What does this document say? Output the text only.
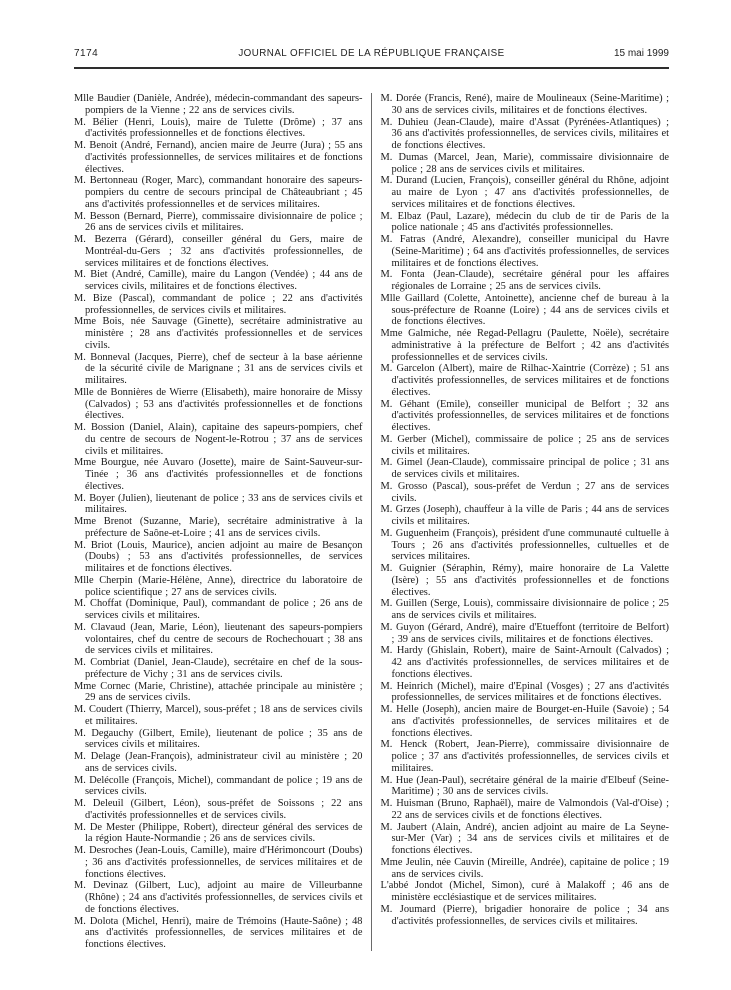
7174	JOURNAL OFFICIEL DE LA RÉPUBLIQUE FRANÇAISE	15 mai 1999

Mlle Baudier (Danièle, Andrée), médecin-commandant des sapeurs-pompiers de la Vienne ; 22 ans de services civils.

M. Bélier (Henri, Louis), maire de Tulette (Drôme) ; 37 ans d'activités professionnelles et de fonctions électives.

M. Benoit (André, Fernand), ancien maire de Jeurre (Jura) ; 55 ans d'activités professionnelles, de services militaires et de fonctions électives.

M. Bertonneau (Roger, Marc), commandant honoraire des sapeurs-pompiers du centre de secours principal de Châteaubriant ; 45 ans d'activités professionnelles et de services militaires.

M. Besson (Bernard, Pierre), commissaire divisionnaire de police ; 26 ans de services civils et militaires.

M. Bezerra (Gérard), conseiller général du Gers, maire de Montréal-du-Gers ; 32 ans d'activités professionnelles, de services militaires et de fonctions électives.

M. Biet (André, Camille), maire du Langon (Vendée) ; 44 ans de services civils, militaires et de fonctions électives.

M. Bize (Pascal), commandant de police ; 22 ans d'activités professionnelles, de services civils et militaires.

Mme Bois, née Sauvage (Ginette), secrétaire administrative au ministère ; 28 ans d'activités professionnelles et de services civils.

M. Bonneval (Jacques, Pierre), chef de secteur à la base aérienne de la sécurité civile de Marignane ; 31 ans de services civils et militaires.

Mlle de Bonnières de Wierre (Elisabeth), maire honoraire de Missy (Calvados) ; 53 ans d'activités professionnelles et de fonctions électives.

M. Bossion (Daniel, Alain), capitaine des sapeurs-pompiers, chef du centre de secours de Nogent-le-Rotrou ; 37 ans de services civils et militaires.

Mme Bourgue, née Auvaro (Josette), maire de Saint-Sauveur-sur-Tinée ; 36 ans d'activités professionnelles et de fonctions électives.

M. Boyer (Julien), lieutenant de police ; 33 ans de services civils et militaires.

Mme Brenot (Suzanne, Marie), secrétaire administrative à la préfecture de Saône-et-Loire ; 41 ans de services civils.

M. Briot (Louis, Maurice), ancien adjoint au maire de Besançon (Doubs) ; 53 ans d'activités professionnelles, de services militaires et de fonctions électives.

Mlle Cherpin (Marie-Hélène, Anne), directrice du laboratoire de police scientifique ; 27 ans de services civils.

M. Choffat (Dominique, Paul), commandant de police ; 26 ans de services civils et militaires.

M. Clavaud (Jean, Marie, Léon), lieutenant des sapeurs-pompiers volontaires, chef du centre de secours de Rochechouart ; 38 ans de services civils et militaires.

M. Combriat (Daniel, Jean-Claude), secrétaire en chef de la sous-préfecture de Vichy ; 31 ans de services civils.

Mme Cornec (Marie, Christine), attachée principale au ministère ; 29 ans de services civils.

M. Coudert (Thierry, Marcel), sous-préfet ; 18 ans de services civils et militaires.

M. Degauchy (Gilbert, Emile), lieutenant de police ; 35 ans de services civils et militaires.

M. Delage (Jean-François), administrateur civil au ministère ; 20 ans de services civils.

M. Delécolle (François, Michel), commandant de police ; 19 ans de services civils.

M. Deleuil (Gilbert, Léon), sous-préfet de Soissons ; 22 ans d'activités professionnelles et de services civils.

M. De Mester (Philippe, Robert), directeur général des services de la région Haute-Normandie ; 26 ans de services civils.

M. Desroches (Jean-Louis, Camille), maire d'Hérimoncourt (Doubs) ; 36 ans d'activités professionnelles, de services militaires et de fonctions électives.

M. Devinaz (Gilbert, Luc), adjoint au maire de Villeurbanne (Rhône) ; 24 ans d'activités professionnelles, de services civils et de fonctions électives.

M. Dolota (Michel, Henri), maire de Trémoins (Haute-Saône) ; 48 ans d'activités professionnelles, de services militaires et de fonctions électives.

M. Dorée (Francis, René), maire de Moulineaux (Seine-Maritime) ; 30 ans de services civils, militaires et de fonctions électives.

M. Duhieu (Jean-Claude), maire d'Assat (Pyrénées-Atlantiques) ; 36 ans d'activités professionnelles, de services civils, militaires et de fonctions électives.

M. Dumas (Marcel, Jean, Marie), commissaire divisionnaire de police ; 28 ans de services civils et militaires.

M. Durand (Lucien, François), conseiller général du Rhône, adjoint au maire de Lyon ; 47 ans d'activités professionnelles, de services militaires et de fonctions électives.

M. Elbaz (Paul, Lazare), médecin du club de tir de Paris de la police nationale ; 45 ans d'activités professionnelles.

M. Fatras (André, Alexandre), conseiller municipal du Havre (Seine-Maritime) ; 64 ans d'activités professionnelles, de services militaires et de fonctions électives.

M. Fonta (Jean-Claude), secrétaire général pour les affaires régionales de Lorraine ; 25 ans de services civils.

Mlle Gaillard (Colette, Antoinette), ancienne chef de bureau à la sous-préfecture de Roanne (Loire) ; 44 ans de services civils et de fonctions électives.

Mme Galmiche, née Regad-Pellagru (Paulette, Noële), secrétaire administrative à la préfecture de Belfort ; 42 ans d'activités professionnelles et de services civils.

M. Garcelon (Albert), maire de Rilhac-Xaintrie (Corrèze) ; 51 ans d'activités professionnelles, de services militaires et de fonctions électives.

M. Géhant (Emile), conseiller municipal de Belfort ; 32 ans d'activités professionnelles, de services militaires et de fonctions électives.

M. Gerber (Michel), commissaire de police ; 25 ans de services civils et militaires.

M. Gimel (Jean-Claude), commissaire principal de police ; 31 ans de services civils et militaires.

M. Grosso (Pascal), sous-préfet de Verdun ; 27 ans de services civils.

M. Grzes (Joseph), chauffeur à la ville de Paris ; 44 ans de services civils et militaires.

M. Guguenheim (François), président d'une communauté cultuelle à Tours ; 26 ans d'activités professionnelles, cultuelles et de services militaires.

M. Guignier (Séraphin, Rémy), maire honoraire de La Valette (Isère) ; 55 ans d'activités professionnelles et de fonctions électives.

M. Guillen (Serge, Louis), commissaire divisionnaire de police ; 25 ans de services civils et militaires.

M. Guyon (Gérard, André), maire d'Etueffont (territoire de Belfort) ; 39 ans de services civils, militaires et de fonctions électives.

M. Hardy (Ghislain, Robert), maire de Saint-Arnoult (Calvados) ; 42 ans d'activités professionnelles, de services militaires et de fonctions électives.

M. Heinrich (Michel), maire d'Epinal (Vosges) ; 27 ans d'activités professionnelles, de services militaires et de fonctions électives.

M. Helle (Joseph), ancien maire de Bourget-en-Huile (Savoie) ; 54 ans d'activités professionnelles, de services militaires et de fonctions électives.

M. Henck (Robert, Jean-Pierre), commissaire divisionnaire de police ; 37 ans d'activités professionnelles, de services civils et militaires.

M. Hue (Jean-Paul), secrétaire général de la mairie d'Elbeuf (Seine-Maritime) ; 30 ans de services civils.

M. Huisman (Bruno, Raphaël), maire de Valmondois (Val-d'Oise) ; 22 ans de services civils et de fonctions électives.

M. Jaubert (Alain, André), ancien adjoint au maire de La Seyne-sur-Mer (Var) ; 34 ans de services civils et militaires et de fonctions électives.

Mme Jeulin, née Cauvin (Mireille, Andrée), capitaine de police ; 19 ans de services civils.

L'abbé Jondot (Michel, Simon), curé à Malakoff ; 46 ans de ministère ecclésiastique et de services militaires.

M. Joumard (Pierre), brigadier honoraire de police ; 34 ans d'activités professionnelles, de services civils et militaires.
